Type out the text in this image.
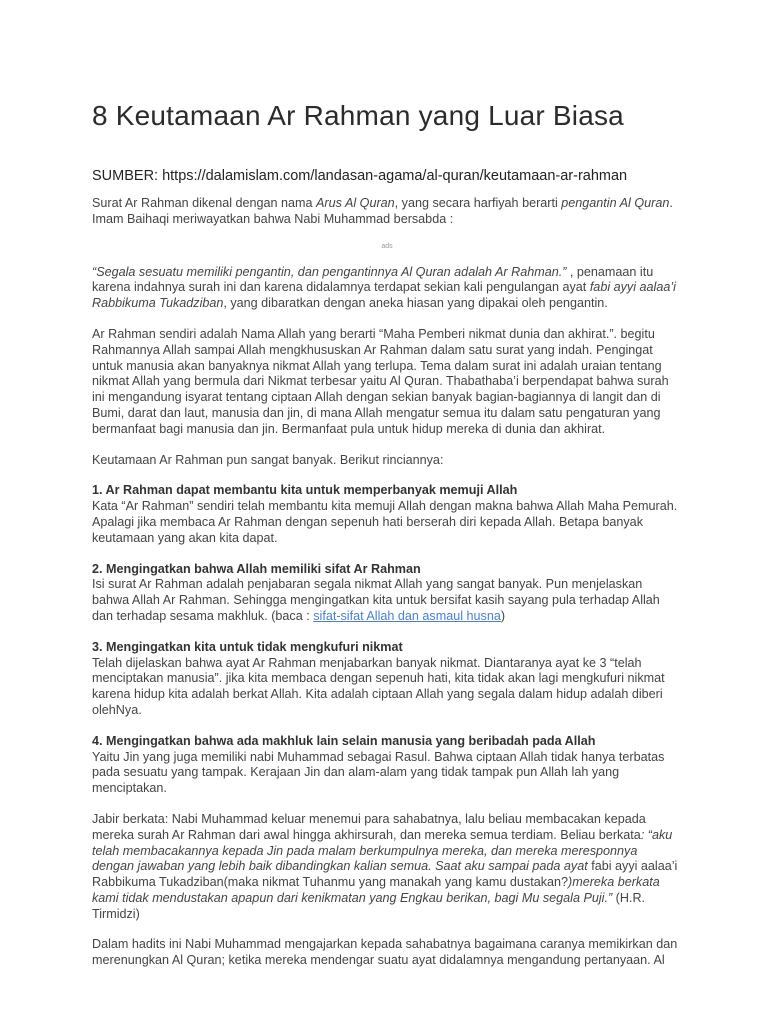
8 Keutamaan Ar Rahman yang Luar Biasa

SUMBER: https://dalamislam.com/landasan-agama/al-quran/keutamaan-ar-rahman

Surat Ar Rahman dikenal dengan nama Arus Al Quran, yang secara harfiyah berarti pengantin Al Quran. Imam Baihaqi meriwayatkan bahwa Nabi Muhammad bersabda :

ads

“Segala sesuatu memiliki pengantin, dan pengantinnya Al Quran adalah Ar Rahman.” , penamaan itu karena indahnya surah ini dan karena didalamnya terdapat sekian kali pengulangan ayat fabi ayyi aalaa’i Rabbikuma Tukadziban, yang dibaratkan dengan aneka hiasan yang dipakai oleh pengantin.

Ar Rahman sendiri adalah Nama Allah yang berarti “Maha Pemberi nikmat dunia dan akhirat.”. begitu Rahmannya Allah sampai Allah mengkhususkan Ar Rahman dalam satu surat yang indah. Pengingat untuk manusia akan banyaknya nikmat Allah yang terlupa. Tema dalam surat ini adalah uraian tentang nikmat Allah yang bermula dari Nikmat terbesar yaitu Al Quran. Thabathaba’i berpendapat bahwa surah ini mengandung isyarat tentang ciptaan Allah dengan sekian banyak bagian-bagiannya di langit dan di Bumi, darat dan laut, manusia dan jin, di mana Allah mengatur semua itu dalam satu pengaturan yang bermanfaat bagi manusia dan jin. Bermanfaat pula untuk hidup mereka di dunia dan akhirat.

Keutamaan Ar Rahman pun sangat banyak. Berikut rinciannya:

1. Ar Rahman dapat membantu kita untuk memperbanyak memuji Allah
Kata “Ar Rahman” sendiri telah membantu kita memuji Allah dengan makna bahwa Allah Maha Pemurah. Apalagi jika membaca Ar Rahman dengan sepenuh hati berserah diri kepada Allah. Betapa banyak keutamaan yang akan kita dapat.

2. Mengingatkan bahwa Allah memiliki sifat Ar Rahman
Isi surat Ar Rahman adalah penjabaran segala nikmat Allah yang sangat banyak. Pun menjelaskan bahwa Allah Ar Rahman. Sehingga mengingatkan kita untuk bersifat kasih sayang pula terhadap Allah dan terhadap sesama makhluk. (baca : sifat-sifat Allah dan asmaul husna)

3. Mengingatkan kita untuk tidak mengkufuri nikmat
Telah dijelaskan bahwa ayat Ar Rahman menjabarkan banyak nikmat. Diantaranya ayat ke 3 “telah menciptakan manusia”. jika kita membaca dengan sepenuh hati, kita tidak akan lagi mengkufuri nikmat karena hidup kita adalah berkat Allah. Kita adalah ciptaan Allah yang segala dalam hidup adalah diberi olehNya.

4. Mengingatkan bahwa ada makhluk lain selain manusia yang beribadah pada Allah
Yaitu Jin yang juga memiliki nabi Muhammad sebagai Rasul. Bahwa ciptaan Allah tidak hanya terbatas pada sesuatu yang tampak. Kerajaan Jin dan alam-alam yang tidak tampak pun Allah lah yang menciptakan.

Jabir berkata: Nabi Muhammad keluar menemui para sahabatnya, lalu beliau membacakan kepada mereka surah Ar Rahman dari awal hingga akhirsurah, dan mereka semua terdiam. Beliau berkata: “aku telah membacakannya kepada Jin pada malam berkumpulnya mereka, dan mereka meresponnya dengan jawaban yang lebih baik dibandingkan kalian semua. Saat aku sampai pada ayat fabi ayyi aalaa’i Rabbikuma Tukadziban(maka nikmat Tuhanmu yang manakah yang kamu dustakan?)mereka berkata kami tidak mendustakan apapun dari kenikmatan yang Engkau berikan, bagi Mu segala Puji.” (H.R. Tirmidzi)

Dalam hadits ini Nabi Muhammad mengajarkan kepada sahabatnya bagaimana caranya memikirkan dan merenungkan Al Quran; ketika mereka mendengar suatu ayat didalamnya mengandung pertanyaan. Al
